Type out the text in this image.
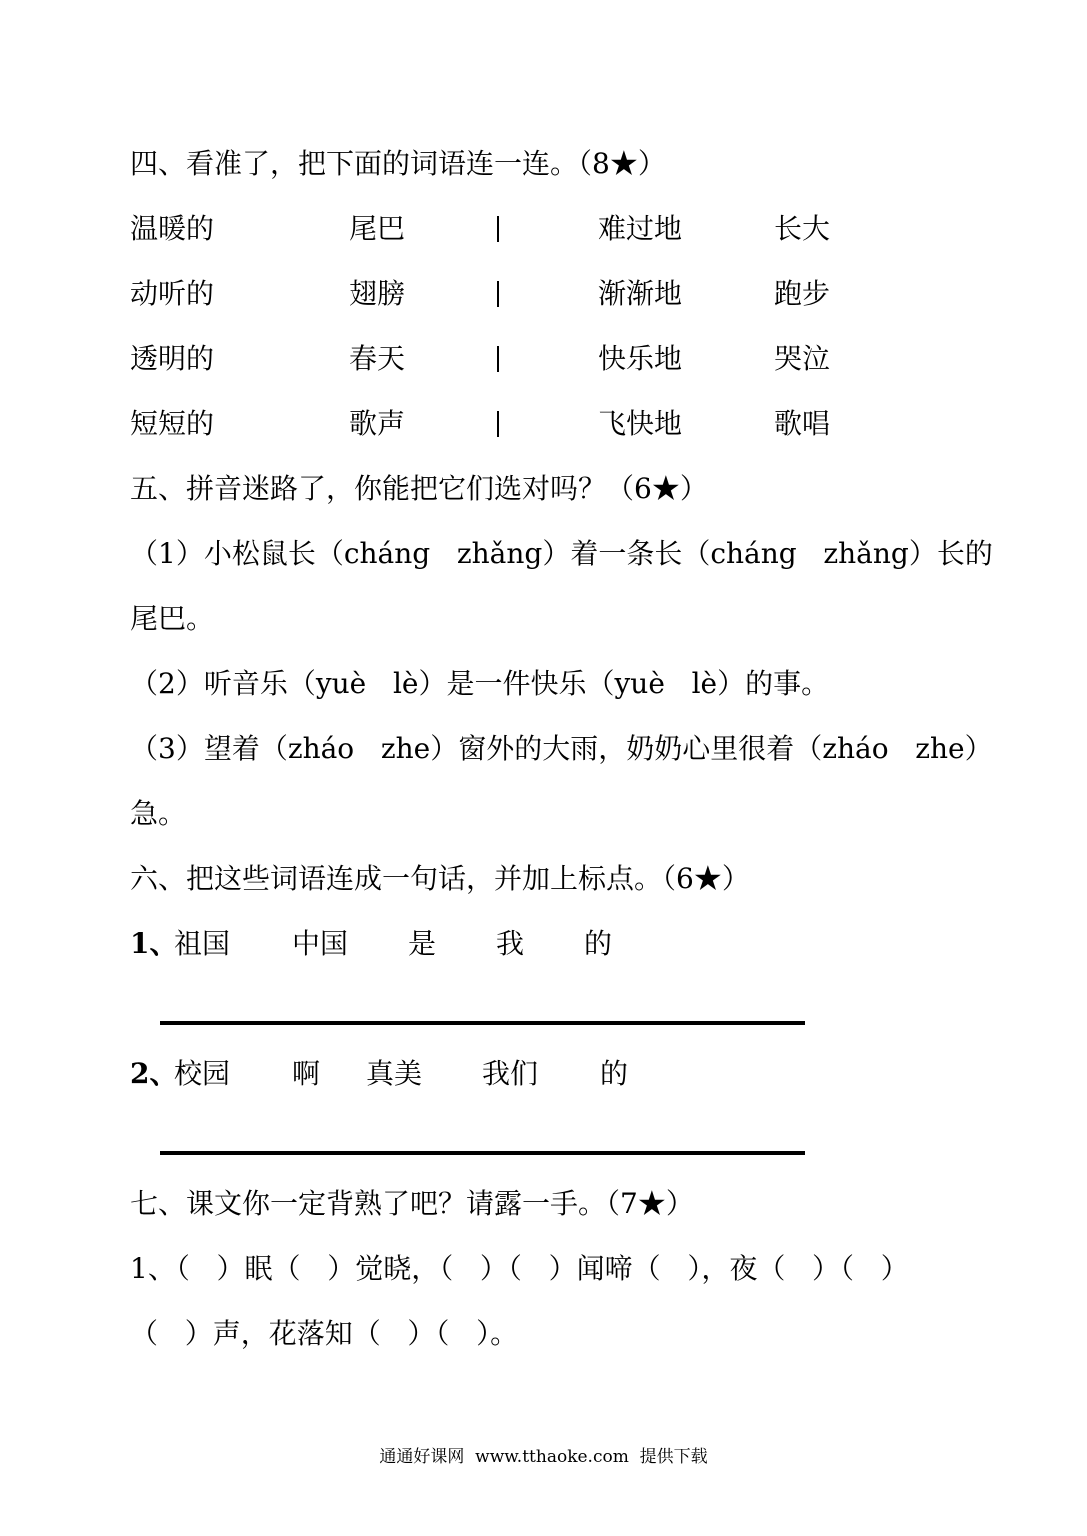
四、看准了，把下面的词语连一连。（8★）
温暖的	尾巴	难过地	长大
动听的	翅膀	渐渐地	跑步
透明的	春天	快乐地	哭泣
短短的	歌声	飞快地	歌唱
五、拼音迷路了，你能把它们选对吗？（6★）
（1）小松鼠长（cháng   zhǎng）着一条长（cháng   zhǎng）长的
尾巴。
（2）听音乐（yuè   lè）是一件快乐（yuè   lè）的事。
（3）望着（zháo   zhe）窗外的大雨，奶奶心里很着（zháo   zhe）
急。
六、把这些词语连成一句话，并加上标点。（6★）
1、
祖国 中国 是 我 的
2、
校园 啊 真美 我们 的
七、课文你一定背熟了吧？请露一手。（7★）
1、（   ）眠（   ）觉晓，（   ）（   ）闻啼（   ），夜（   ）（   ）
（   ）声，花落知（   ）（   ）。
通通好课网  www.tthaoke.com  提供下载
